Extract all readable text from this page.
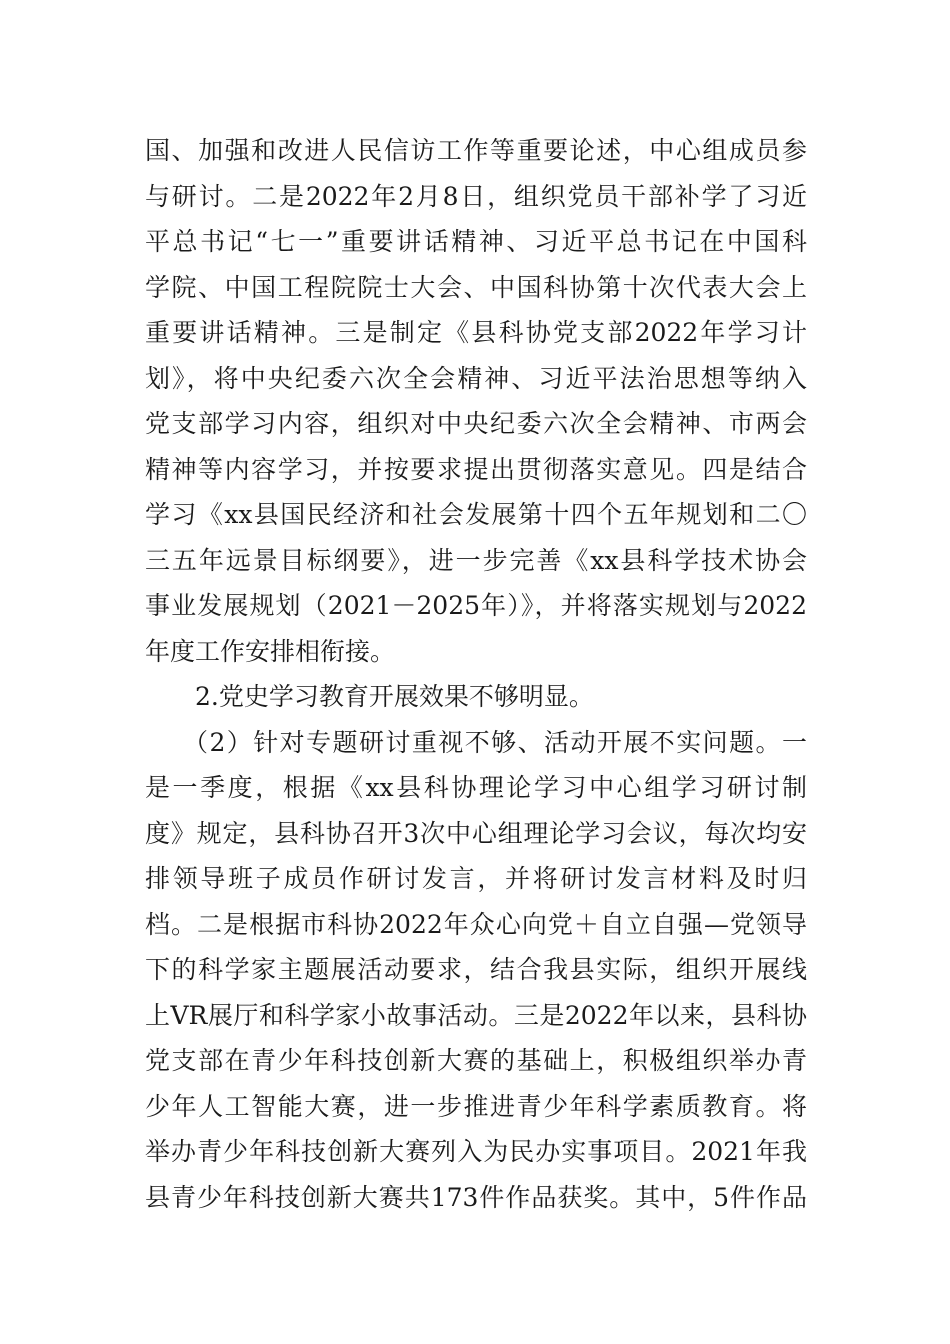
国、加强和改进人民信访工作等重要论述，中心组成员参
与研讨。二是2022年2月8日，组织党员干部补学了习近
平总书记“七一”重要讲话精神、习近平总书记在中国科
学院、中国工程院院士大会、中国科协第十次代表大会上
重要讲话精神。三是制定《县科协党支部2022年学习计
划》，将中央纪委六次全会精神、习近平法治思想等纳入
党支部学习内容，组织对中央纪委六次全会精神、市两会
精神等内容学习，并按要求提出贯彻落实意见。四是结合
学习《xx县国民经济和社会发展第十四个五年规划和二〇
三五年远景目标纲要》，进一步完善《xx县科学技术协会
事业发展规划（2021－2025年）》，并将落实规划与2022
年度工作安排相衔接。
2.党史学习教育开展效果不够明显。
（2）针对专题研讨重视不够、活动开展不实问题。一
是一季度，根据《xx县科协理论学习中心组学习研讨制
度》规定，县科协召开3次中心组理论学习会议，每次均安
排领导班子成员作研讨发言，并将研讨发言材料及时归
档。二是根据市科协2022年众心向党＋自立自强—党领导
下的科学家主题展活动要求，结合我县实际，组织开展线
上VR展厅和科学家小故事活动。三是2022年以来，县科协
党支部在青少年科技创新大赛的基础上，积极组织举办青
少年人工智能大赛，进一步推进青少年科学素质教育。将
举办青少年科技创新大赛列入为民办实事项目。2021年我
县青少年科技创新大赛共173件作品获奖。其中，5件作品
